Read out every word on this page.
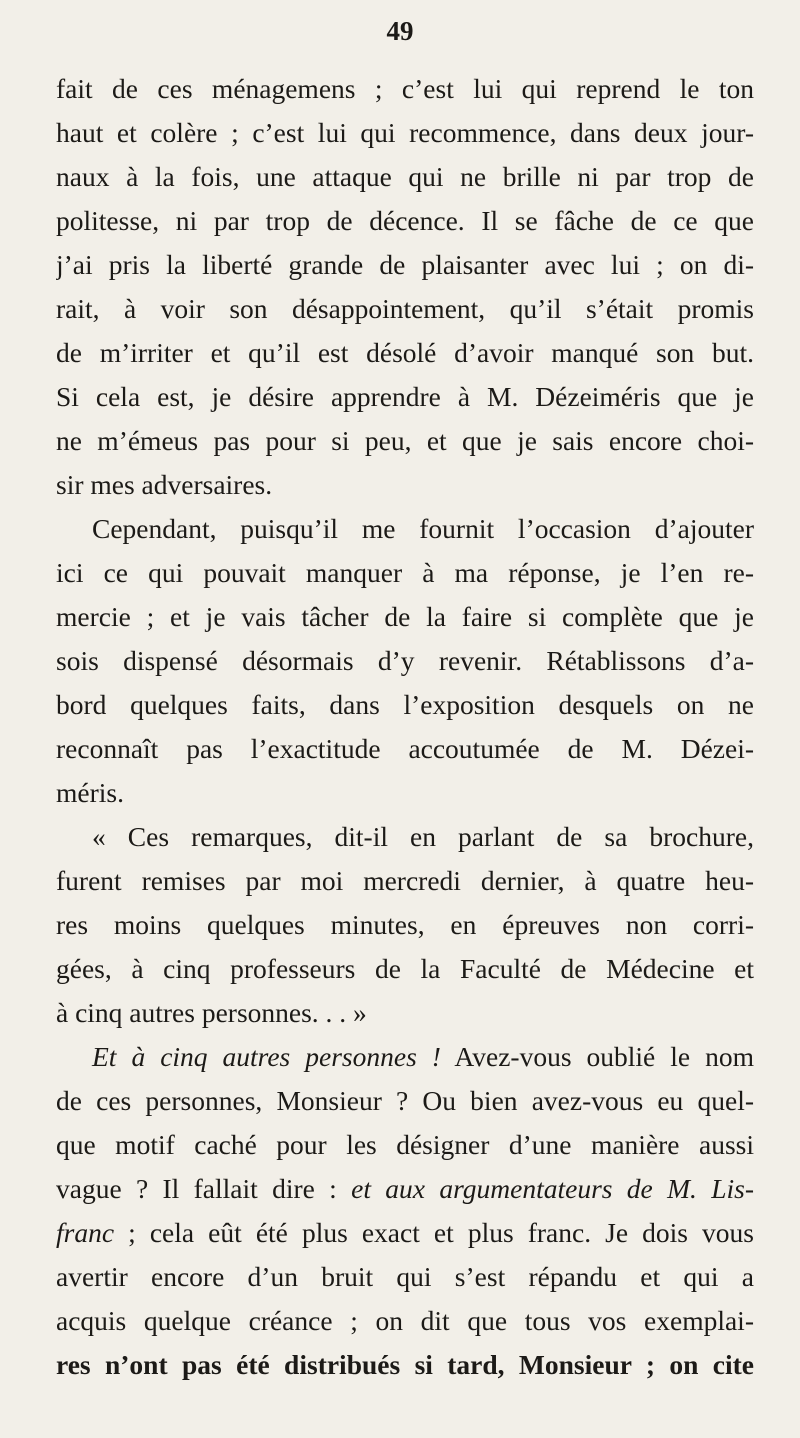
49
fait de ces ménagemens ; c’est lui qui reprend le ton
haut et colère ; c’est lui qui recommence, dans deux jour-
naux à la fois, une attaque qui ne brille ni par trop de
politesse, ni par trop de décence. Il se fâche de ce que
j’ai pris la liberté grande de plaisanter avec lui ; on di-
rait, à voir son désappointement, qu’il s’était promis
de m’irriter et qu’il est désolé d’avoir manqué son but.
Si cela est, je désire apprendre à M. Dézeiméris que je
ne m’émeus pas pour si peu, et que je sais encore choi-
sir mes adversaires.
Cependant, puisqu’il me fournit l’occasion d’ajouter
ici ce qui pouvait manquer à ma réponse, je l’en re-
mercie ; et je vais tâcher de la faire si complète que je
sois dispensé désormais d’y revenir. Rétablissons d’a-
bord quelques faits, dans l’exposition desquels on ne
reconnaît pas l’exactitude accoutumée de M. Dézei-
méris.
« Ces remarques, dit-il en parlant de sa brochure,
furent remises par moi mercredi dernier, à quatre heu-
res moins quelques minutes, en épreuves non corri-
gées, à cinq professeurs de la Faculté de Médecine et
à cinq autres personnes. . . »
Et à cinq autres personnes ! Avez-vous oublié le nom
de ces personnes, Monsieur ? Ou bien avez-vous eu quel-
que motif caché pour les désigner d’une manière aussi
vague ? Il fallait dire : et aux argumentateurs de M. Lis-
franc ; cela eût été plus exact et plus franc. Je dois vous
avertir encore d’un bruit qui s’est répandu et qui a
acquis quelque créance ; on dit que tous vos exemplai-
res n’ont pas été distribués si tard, Monsieur ; on cite
